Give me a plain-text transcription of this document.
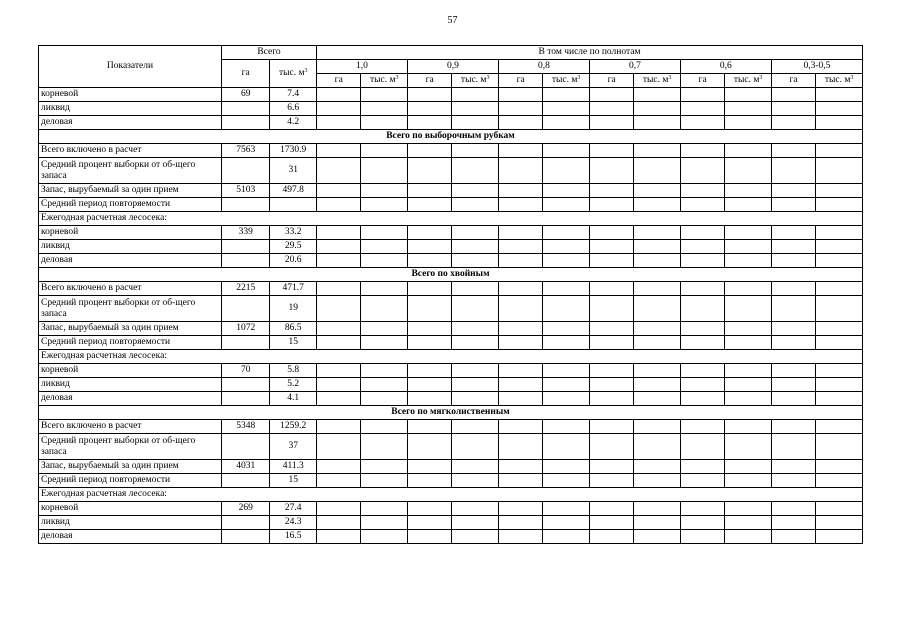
57
Показатели	Всего		В том числе по полнотам											
	га	тыс. $м^3$	1,0		0,9		0,8		0,7		0,6		0,3-0,5	
			га	тыс. $м^3$	га	тыс. $м^3$	га	тыс. $м^3$	га	тыс. $м^3$	га	тыс. $м^3$	га	тыс. $м^3$
корневой	69	7.4												
ликвид		6.6												
деловая		4.2												
Всего по выборочным рубкам														
Всего включено в расчет	7563	1730.9												
Средний процент выборки от об-щего запаса		31												
Запас, вырубаемый за один прием	5103	497.8												
Средний период повторяемости														
Ежегодная расчетная лесосека:														
корневой	339	33.2												
ликвид		29.5												
деловая		20.6												
Всего по хвойным														
Всего включено в расчет	2215	471.7												
Средний процент выборки от об-щего запаса		19												
Запас, вырубаемый за один прием	1072	86.5												
Средний период повторяемости		15												
Ежегодная расчетная лесосека:														
корневой	70	5.8												
ликвид		5.2												
деловая		4.1												
Всего по мягколиственным														
Всего включено в расчет	5348	1259.2												
Средний процент выборки от об-щего запаса		37												
Запас, вырубаемый за один прием	4031	411.3												
Средний период повторяемости		15												
Ежегодная расчетная лесосека:														
корневой	269	27.4												
ликвид		24.3												
деловая		16.5												
